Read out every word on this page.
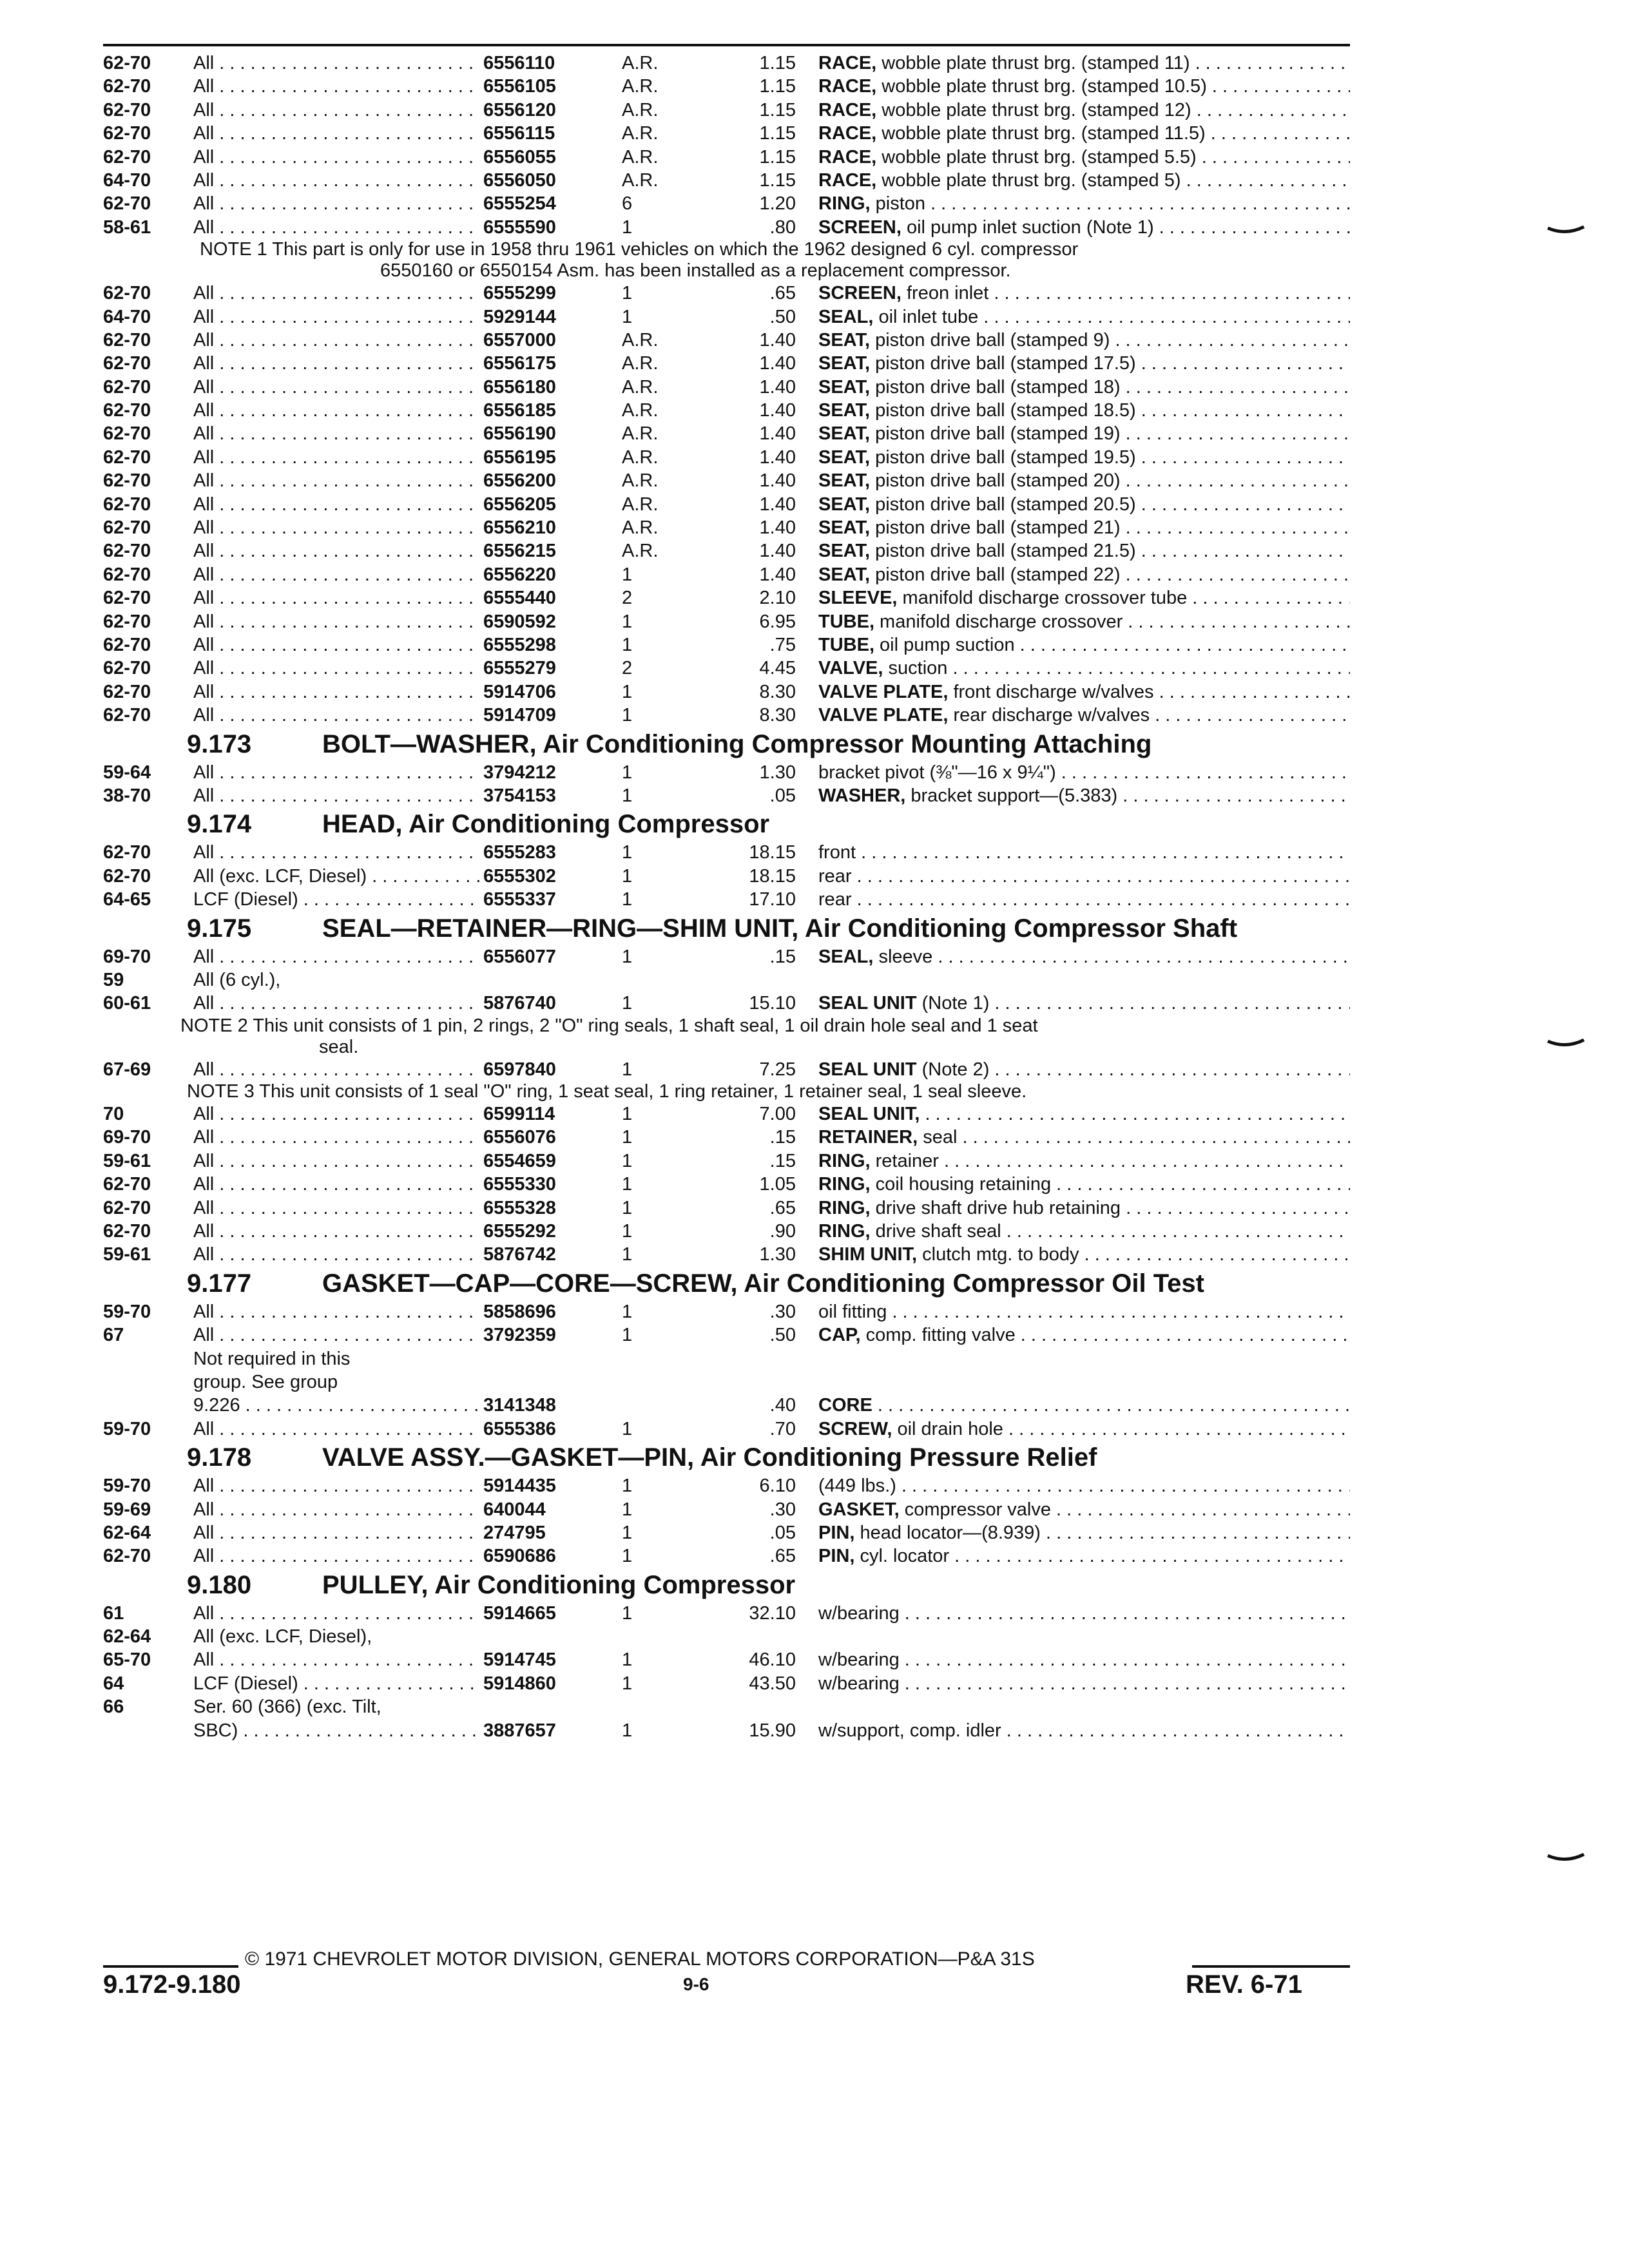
62-70	All . . .	6556110	A.R.	1.15 RACE, wobble plate thrust brg. (stamped 11) . . .
62-70	All . . .	6556105	A.R.	1.15 RACE, wobble plate thrust brg. (stamped 10.5) . . .
62-70	All . . .	6556120	A.R.	1.15 RACE, wobble plate thrust brg. (stamped 12) . . .
62-70	All . . .	6556115	A.R.	1.15 RACE, wobble plate thrust brg. (stamped 11.5) . . .
62-70	All . . .	6556055	A.R.	1.15 RACE, wobble plate thrust brg. (stamped 5.5) . . .
64-70	All . . .	6556050	A.R.	1.15 RACE, wobble plate thrust brg. (stamped 5) . . .
62-70	All . . .	6555254	6	1.20 RING, piston . . .
58-61	All . . .	6555590	1	.80 SCREEN, oil pump inlet suction (Note 1) . . .
NOTE 1 This part is only for use in 1958 thru 1961 vehicles on which the 1962 designed 6 cyl. compressor
6550160 or 6550154 Asm. has been installed as a replacement compressor.
62-70	All . . .	6555299	1	.65 SCREEN, freon inlet . . .
64-70	All . . .	5929144	1	.50 SEAL, oil inlet tube . . .
62-70	All . . .	6557000	A.R.	1.40 SEAT, piston drive ball (stamped 9) . . .
62-70	All . . .	6556175	A.R.	1.40 SEAT, piston drive ball (stamped 17.5) . . .
62-70	All . . .	6556180	A.R.	1.40 SEAT, piston drive ball (stamped 18) . . .
62-70	All . . .	6556185	A.R.	1.40 SEAT, piston drive ball (stamped 18.5) . . .
62-70	All . . .	6556190	A.R.	1.40 SEAT, piston drive ball (stamped 19) . . .
62-70	All . . .	6556195	A.R.	1.40 SEAT, piston drive ball (stamped 19.5) . . .
62-70	All . . .	6556200	A.R.	1.40 SEAT, piston drive ball (stamped 20) . . .
62-70	All . . .	6556205	A.R.	1.40 SEAT, piston drive ball (stamped 20.5) . . .
62-70	All . . .	6556210	A.R.	1.40 SEAT, piston drive ball (stamped 21) . . .
62-70	All . . .	6556215	A.R.	1.40 SEAT, piston drive ball (stamped 21.5) . . .
62-70	All . . .	6556220	1	1.40 SEAT, piston drive ball (stamped 22) . . .
62-70	All . . .	6555440	2	2.10 SLEEVE, manifold discharge crossover tube . . .
62-70	All . . .	6590592	1	6.95 TUBE, manifold discharge crossover . . .
62-70	All . . .	6555298	1	.75 TUBE, oil pump suction . . .
62-70	All . . .	6555279	2	4.45 VALVE, suction . . .
62-70	All . . .	5914706	1	8.30 VALVE PLATE, front discharge w/valves . . .
62-70	All . . .	5914709	1	8.30 VALVE PLATE, rear discharge w/valves . . .
9.173	BOLT—WASHER, Air Conditioning Compressor Mounting Attaching
59-64	All . . .	3794212	1	1.30 bracket pivot (⅜"—16 x 9¼") . . .
38-70	All . . .	3754153	1	.05 WASHER, bracket support—(5.383) . . .
9.174	HEAD, Air Conditioning Compressor
62-70	All . . .	6555283	1	18.15 front . . .
62-70	All (exc. LCF, Diesel) . . .	6555302	1	18.15 rear . . .
64-65	LCF (Diesel) . . .	6555337	1	17.10 rear . . .
9.175	SEAL—RETAINER—RING—SHIM UNIT, Air Conditioning Compressor Shaft
69-70	All . . .	6556077	1	.15 SEAL, sleeve . . .
59	All (6 cyl.),
60-61	All . . .	5876740	1	15.10 SEAL UNIT (Note 1) . . .
NOTE 2 This unit consists of 1 pin, 2 rings, 2 "O" ring seals, 1 shaft seal, 1 oil drain hole seal and 1 seat
seal.
67-69	All . . .	6597840	1	7.25 SEAL UNIT (Note 2) . . .
NOTE 3 This unit consists of 1 seal "O" ring, 1 seat seal, 1 ring retainer, 1 retainer seal, 1 seal sleeve.
70	All . . .	6599114	1	7.00 SEAL UNIT, . . .
69-70	All . . .	6556076	1	.15 RETAINER, seal . . .
59-61	All . . .	6554659	1	.15 RING, retainer . . .
62-70	All . . .	6555330	1	1.05 RING, coil housing retaining . . .
62-70	All . . .	6555328	1	.65 RING, drive shaft drive hub retaining . . .
62-70	All . . .	6555292	1	.90 RING, drive shaft seal . . .
59-61	All . . .	5876742	1	1.30 SHIM UNIT, clutch mtg. to body . . .
9.177	GASKET—CAP—CORE—SCREW, Air Conditioning Compressor Oil Test
59-70	All . . .	5858696	1	.30 oil fitting . . .
67	All . . .	3792359	1	.50 CAP, comp. fitting valve . . .
Not required in this
group. See group
9.226 . . .	3141348	.40 CORE . . .
59-70	All . . .	6555386	1	.70 SCREW, oil drain hole . . .
9.178	VALVE ASSY.—GASKET—PIN, Air Conditioning Pressure Relief
59-70	All . . .	5914435	1	6.10 (449 lbs.) . . .
59-69	All . . .	640044	1	.30 GASKET, compressor valve . . .
62-64	All . . .	274795	1	.05 PIN, head locator—(8.939) . . .
62-70	All . . .	6590686	1	.65 PIN, cyl. locator . . .
9.180	PULLEY, Air Conditioning Compressor
61	All . . .	5914665	1	32.10 w/bearing . . .
62-64	All (exc. LCF, Diesel),
65-70	All . . .	5914745	1	46.10 w/bearing . . .
64	LCF (Diesel) . . .	5914860	1	43.50 w/bearing . . .
66	Ser. 60 (366) (exc. Tilt,
SBC) . . .	3887657	1	15.90 w/support, comp. idler . . .
© 1971 CHEVROLET MOTOR DIVISION, GENERAL MOTORS CORPORATION—P&A 31S
9.172-9.180	9-6	REV. 6-71
